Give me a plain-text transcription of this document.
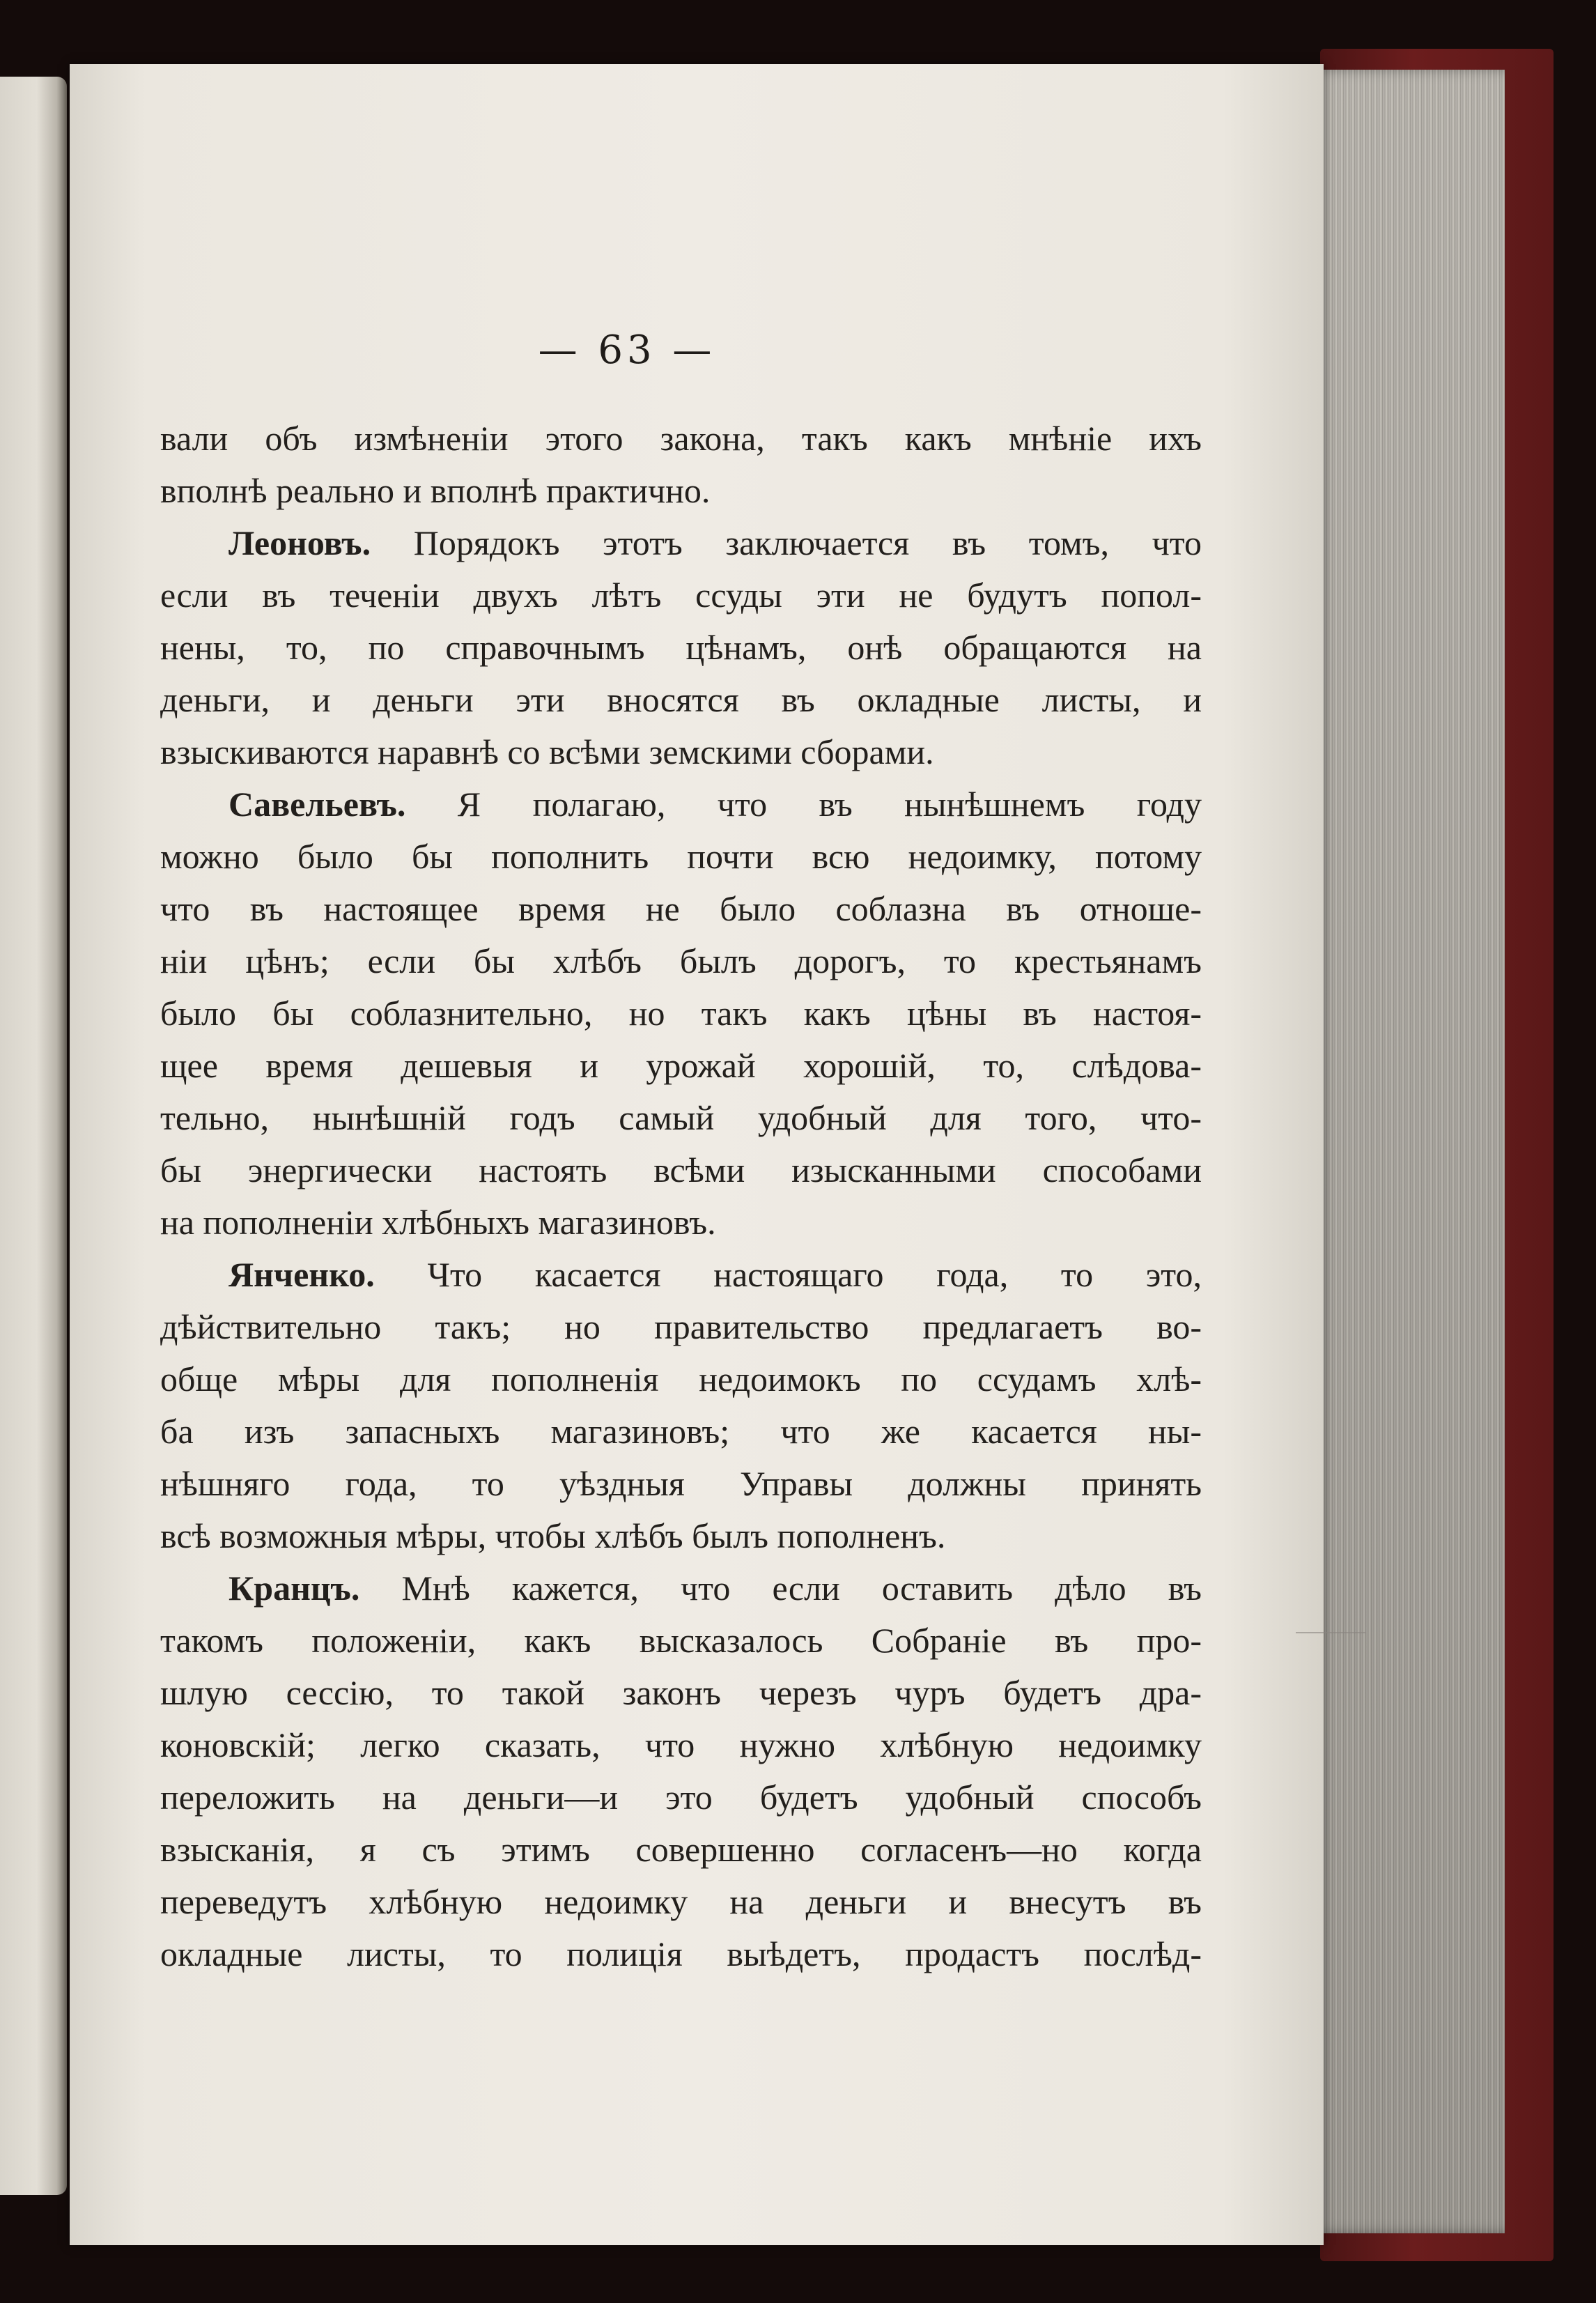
— 63 —
вали объ измѣненіи этого закона, такъ какъ мнѣніе ихъ
вполнѣ реально и вполнѣ практично.
Леоновъ. Порядокъ этотъ заключается въ томъ, что
если въ теченіи двухъ лѣтъ ссуды эти не будутъ попол-
нены, то, по справочнымъ цѣнамъ, онѣ обращаются на
деньги, и деньги эти вносятся въ окладные листы, и
взыскиваются наравнѣ со всѣми земскими сборами.
Савельевъ. Я полагаю, что въ нынѣшнемъ году
можно было бы пополнить почти всю недоимку, потому
что въ настоящее время не было соблазна въ отноше-
ніи цѣнъ; если бы хлѣбъ былъ дорогъ, то крестьянамъ
было бы соблазнительно, но такъ какъ цѣны въ настоя-
щее время дешевыя и урожай хорошій, то, слѣдова-
тельно, нынѣшній годъ самый удобный для того, что-
бы энергически настоять всѣми изысканными способами
на пополненіи хлѣбныхъ магазиновъ.
Янченко. Что касается настоящаго года, то это,
дѣйствительно такъ; но правительство предлагаетъ во-
обще мѣры для пополненія недоимокъ по ссудамъ хлѣ-
ба изъ запасныхъ магазиновъ; что же касается ны-
нѣшняго года, то уѣздныя Управы должны принять
всѣ возможныя мѣры, чтобы хлѣбъ былъ пополненъ.
Кранцъ. Мнѣ кажется, что если оставить дѣло въ
такомъ положеніи, какъ высказалось Собраніе въ про-
шлую сессію, то такой законъ черезъ чуръ будетъ дра-
коновскій; легко сказать, что нужно хлѣбную недоимку
переложить на деньги—и это будетъ удобный способъ
взысканія, я съ этимъ совершенно согласенъ—но когда
переведутъ хлѣбную недоимку на деньги и внесутъ въ
окладные листы, то полиція выѣдетъ, продастъ послѣд-
